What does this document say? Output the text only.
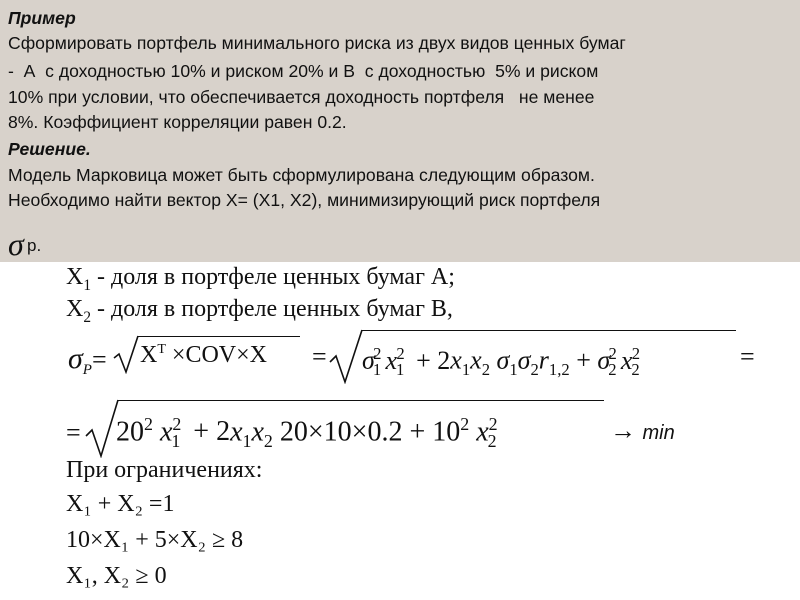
Пример
Сформировать портфель минимального риска из двух видов ценных бумаг
-  А  с доходностью 10% и риском 20% и В  с доходностью  5% и риском
10% при условии, что обеспечивается доходность портфеля   не менее
8%. Коэффициент корреляции равен 0.2.
Решение.
Модель Марковица может быть сформулирована следующим образом.
Необходимо найти вектор Х= (Х1, Х2), минимизирующий риск портфеля
σ р.
$X_1$ - доля в портфеле ценных бумаг А;
$X_2$ - доля в портфеле ценных бумаг В,
$\sigma_P= X^T \times COV\times X = \sigma_1^2$ $x_1^2 + 2x_1x_2$ $\sigma_1\sigma_2r_{1,2} + \sigma_2^2$ $x_2^2$	=
= $20^2$ $x_1^2 + 2x_1x_2$ $20\times 10\times 0.2 + 10^2$ $x_2^2$	→ min
При ограничениях:
X₁ + X₂ =1
10×X₁ + 5×X₂ ≥ 8
X₁, X₂ ≥ 0
